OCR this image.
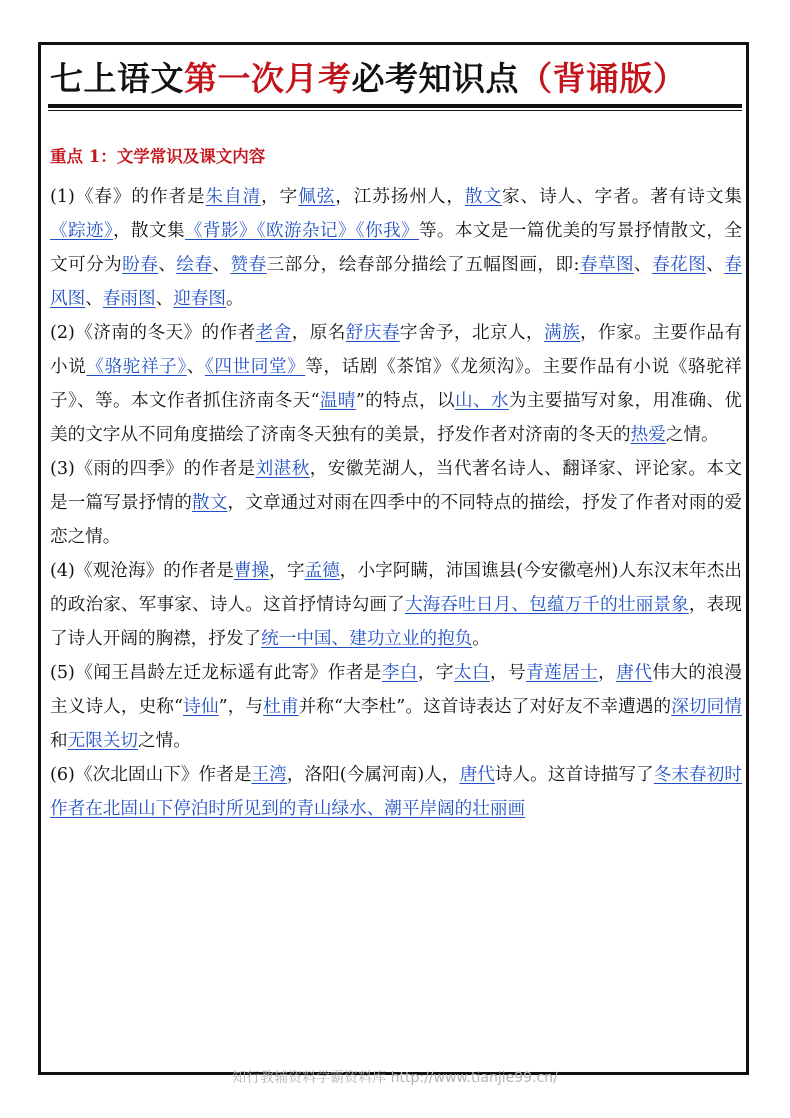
七上语文第一次月考必考知识点（背诵版）
重点 1：文学常识及课文内容

(1)《春》的作者是朱自清，字佩弦，江苏扬州人，散文家、诗人、字者。著有诗文集《踪迹》，散文集《背影》《欧游杂记》《你我》等。本文是一篇优美的写景抒情散文，全文可分为盼春、绘春、赞春三部分，绘春部分描绘了五幅图画，即:春草图、春花图、春风图、春雨图、迎春图。

(2)《济南的冬天》的作者老舍，原名舒庆春字舍予，北京人，满族，作家。主要作品有小说《骆驼祥子》、《四世同堂》等，话剧《茶馆》《龙须沟》。主要作品有小说《骆驼祥子》、等。本文作者抓住济南冬天“温晴”的特点，以山、水为主要描写对象，用准确、优美的文字从不同角度描绘了济南冬天独有的美景，抒发作者对济南的冬天的热爱之情。

(3)《雨的四季》的作者是刘湛秋，安徽芜湖人，当代著名诗人、翻译家、评论家。本文是一篇写景抒情的散文，文章通过对雨在四季中的不同特点的描绘，抒发了作者对雨的爱恋之情。

(4)《观沧海》的作者是曹操，字孟德，小字阿瞒，沛国谯县(今安徽亳州)人东汉末年杰出的政治家、军事家、诗人。这首抒情诗勾画了大海吞吐日月、包蕴万千的壮丽景象，表现了诗人开阔的胸襟，抒发了统一中国、建功立业的抱负。

(5)《闻王昌龄左迁龙标遥有此寄》作者是李白，字太白，号青莲居士，唐代伟大的浪漫主义诗人，史称“诗仙”，与杜甫并称“大李杜”。这首诗表达了对好友不幸遭遇的深切同情和无限关切之情。

(6)《次北固山下》作者是王湾，洛阳(今属河南)人，唐代诗人。这首诗描写了冬末春初时作者在北固山下停泊时所见到的青山绿水、潮平岸阔的壮丽画

知行教辅资料学霸资料库 http://www.tianjie99.cn/
